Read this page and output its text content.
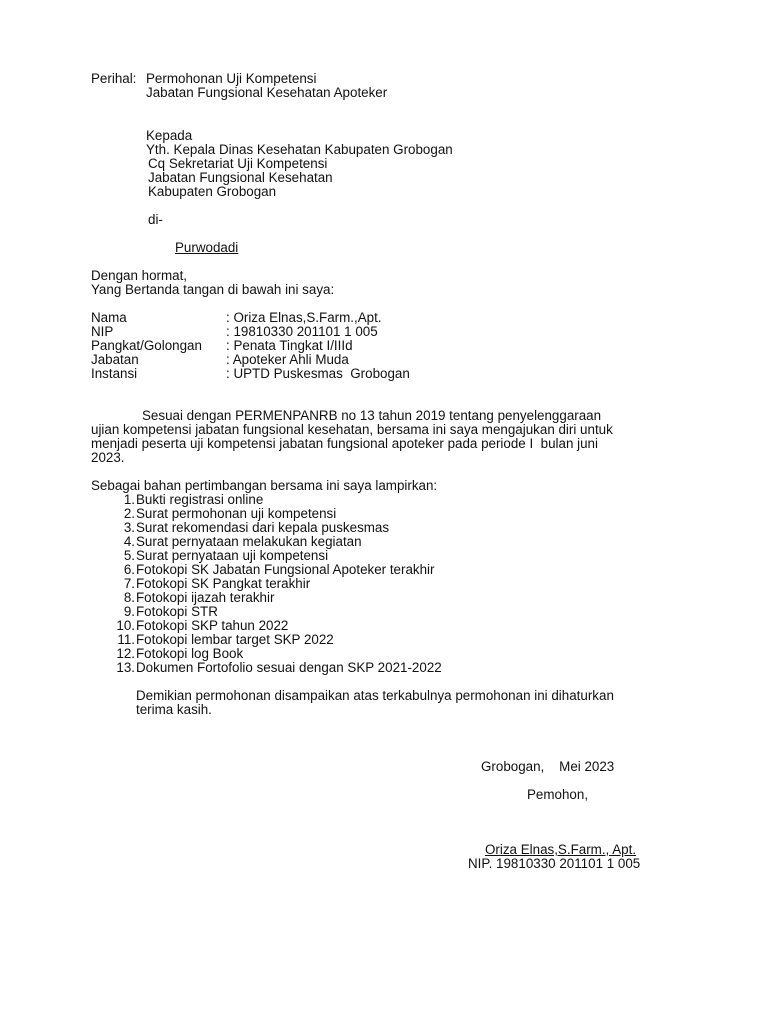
Perihal: Permohonan Uji Kompetensi
Jabatan Fungsional Kesehatan Apoteker
Kepada
Yth. Kepala Dinas Kesehatan Kabupaten Grobogan
Cq Sekretariat Uji Kompetensi
Jabatan Fungsional Kesehatan
Kabupaten Grobogan
di-
Purwodadi
Dengan hormat,
Yang Bertanda tangan di bawah ini saya:
Nama	: Oriza Elnas,S.Farm.,Apt.
NIP	: 19810330 201101 1 005
Pangkat/Golongan : Penata Tingkat I/IIId
Jabatan	: Apoteker Ahli Muda
Instansi	: UPTD Puskesmas  Grobogan
Sesuai dengan PERMENPANRB no 13 tahun 2019 tentang penyelenggaraan
ujian kompetensi jabatan fungsional kesehatan, bersama ini saya mengajukan diri untuk
menjadi peserta uji kompetensi jabatan fungsional apoteker pada periode I  bulan juni
2023.
Sebagai bahan pertimbangan bersama ini saya lampirkan:
1. Bukti registrasi online
2. Surat permohonan uji kompetensi
3. Surat rekomendasi dari kepala puskesmas
4. Surat pernyataan melakukan kegiatan
5. Surat pernyataan uji kompetensi
6. Fotokopi SK Jabatan Fungsional Apoteker terakhir
7. Fotokopi SK Pangkat terakhir
8. Fotokopi ijazah terakhir
9. Fotokopi STR
10. Fotokopi SKP tahun 2022
11. Fotokopi lembar target SKP 2022
12. Fotokopi log Book
13. Dokumen Fortofolio sesuai dengan SKP 2021-2022
Demikian permohonan disampaikan atas terkabulnya permohonan ini dihaturkan
terima kasih.
Grobogan,    Mei 2023
Pemohon,
Oriza Elnas,S.Farm., Apt.
NIP. 19810330 201101 1 005
